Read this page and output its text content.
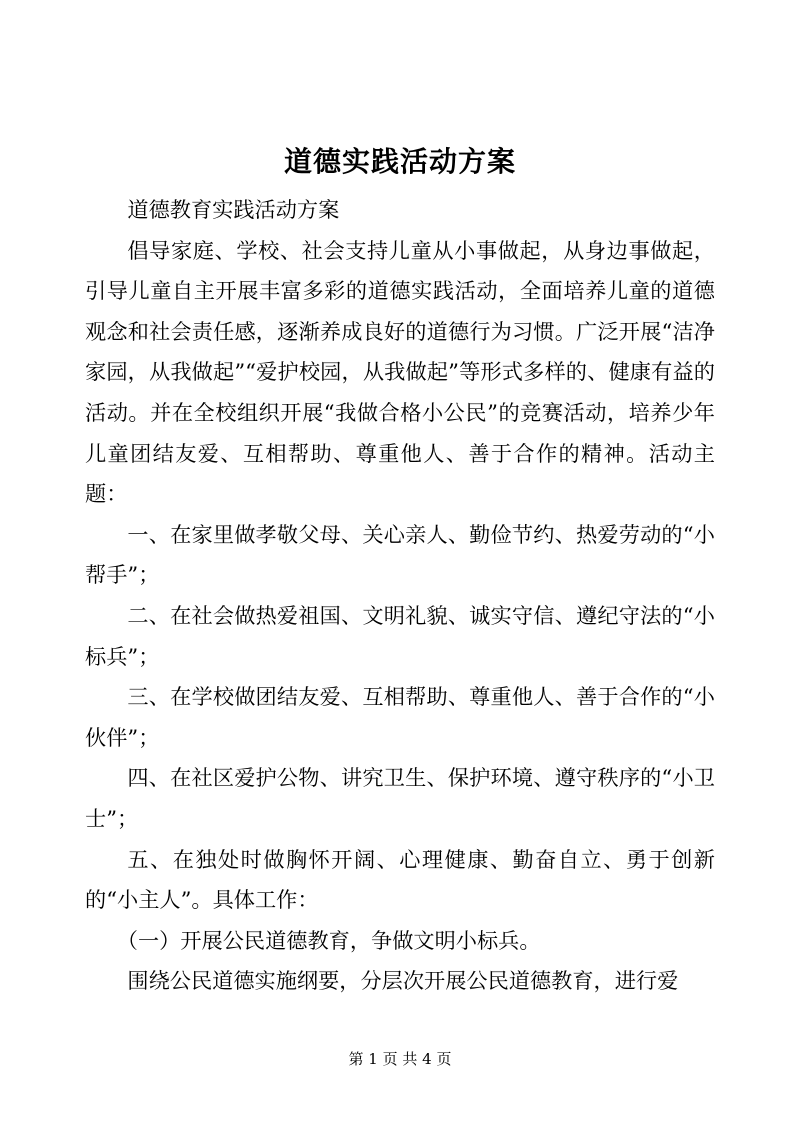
道德实践活动方案

道德教育实践活动方案

倡导家庭、学校、社会支持儿童从小事做起，从身边事做起，引导儿童自主开展丰富多彩的道德实践活动，全面培养儿童的道德观念和社会责任感，逐渐养成良好的道德行为习惯。广泛开展“洁净家园，从我做起”“爱护校园，从我做起”等形式多样的、健康有益的活动。并在全校组织开展“我做合格小公民”的竞赛活动，培养少年儿童团结友爱、互相帮助、尊重他人、善于合作的精神。活动主题：

一、在家里做孝敬父母、关心亲人、勤俭节约、热爱劳动的“小帮手”；

二、在社会做热爱祖国、文明礼貌、诚实守信、遵纪守法的“小标兵”；

三、在学校做团结友爱、互相帮助、尊重他人、善于合作的“小伙伴”；

四、在社区爱护公物、讲究卫生、保护环境、遵守秩序的“小卫士”；

五、在独处时做胸怀开阔、心理健康、勤奋自立、勇于创新的“小主人”。具体工作：

（一）开展公民道德教育，争做文明小标兵。

围绕公民道德实施纲要，分层次开展公民道德教育，进行爱

第 1 页 共 4 页
